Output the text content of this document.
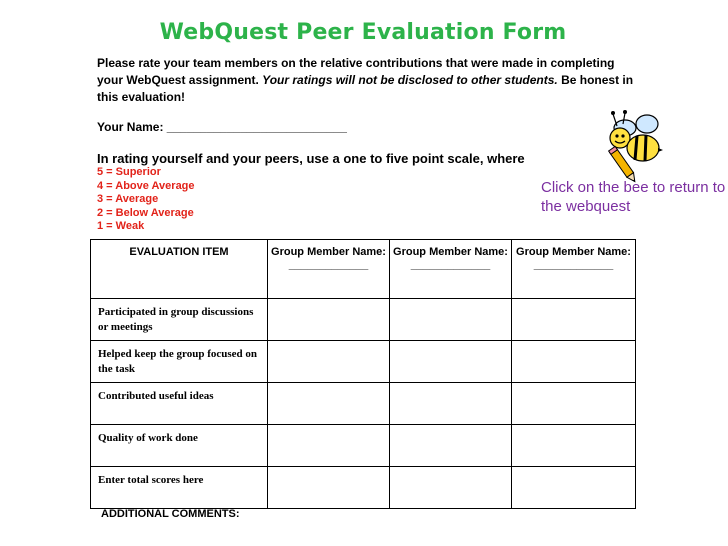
WebQuest Peer Evaluation Form
Please rate your team members on the relative contributions that were made in completing your WebQuest assignment. Your ratings will not be disclosed to other students. Be honest in this evaluation!
Your Name: ___________________________
In rating yourself and your peers, use a one to five point scale, where
5 = Superior
4 = Above Average
3 = Average
2 = Below Average
1 = Weak
Click on the bee to return to the webquest
EVALUATION ITEM	Group Member Name: _____________	Group Member Name: _____________	Group Member Name: _____________
Participated in group discussions or meetings			
Helped keep the group focused on the task			
Contributed useful ideas			
Quality of work done			
Enter total scores here			
ADDITIONAL COMMENTS:
